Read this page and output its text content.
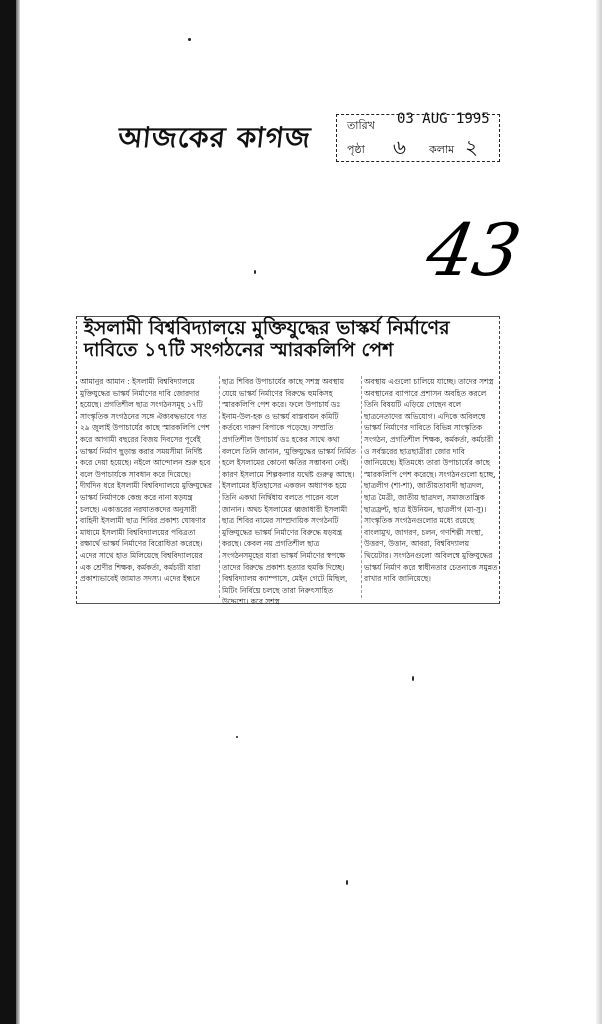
আজকের কাগজ	তারিখ 03 AUG 1995
পৃষ্ঠা ৬ কলাম ২
43
ইসলামী বিশ্ববিদ্যালয়ে মুক্তিযুদ্ধের ভাস্কর্য নির্মাণের
দাবিতে ১৭টি সংগঠনের স্মারকলিপি পেশ

আমানুর আমান : ইসলামী বিশ্ববিদ্যালয়ে মুক্তিযুদ্ধের ভাস্কর্য নির্মাণের দাবি জোরদার হয়েছে। প্রগতিশীল ছাত্র সংগঠনসমূহ ১৭টি সাংস্কৃতিক সংগঠনের সঙ্গে ঐক্যবদ্ধভাবে গত ২৯ জুলাই উপাচার্যের কাছে স্মারকলিপি পেশ করে আগামী বছরের বিজয় দিবসের পূর্বেই ভাস্কর্য নির্মাণ ছুড়ান্ত করার সময়সীমা নির্দিষ্ট করে দেয়া হয়েছে। নইলে আন্দোলন শুরু হবে বলে উপাচার্যকে সাবধান করে দিয়েছে। দীর্ঘদিন ধরে ইসলামী বিশ্ববিদ্যালয়ে মুক্তিযুদ্ধের ভাস্কর্য নির্মাণকে কেন্দ্র করে নানা ষড়যন্ত্র চলছে। একাত্তরের নরঘাতকদের অনুসারী বাহিনী ইসলামী ছাত্র শিবির প্রকাশ্য ঘোষণার মাধ্যমে ইসলামী বিশ্ববিদ্যালয়ের পবিত্রতা রক্ষার্থে ভাস্কর্য নির্মাণের বিরোধিতা করেছে। এদের সাথে হাত মিলিয়েছে বিশ্ববিদ্যালয়ের এক শ্রেণীর শিক্ষক, কর্মকর্তা, কর্মচারী যারা প্রকাশ্যভাবেই জামাত সদস্য। এদের ইন্ধনে

ছাত্র শিবির উপাচার্যের কাছে সশস্ত্র অবস্থায় যেয়ে ভাস্কর্য নির্মাণের বিরুদ্ধে হুমকিসহ স্মারকলিপি পেশ করে। ফলে উপাচার্য ডঃ ইনাম-উল-হক ও ভাস্কর্য বাস্তবায়ন কমিটি কর্তব্যে দারুণ বিপাকে পড়েছে। সম্প্রতি প্রগতিশীল উপাচার্য ডঃ হকের সাথে কথা বললে তিনি জানান, 'মুক্তিযুদ্ধের ভাস্কর্য নির্মিত হলে ইসলামের কোনো ক্ষতির সম্ভাবনা নেই। কারণ ইসলামে শিল্পকলার যথেষ্ট গুরুত্ব আছে। ইসলামের ইতিহাসের একজন অধ্যাপক হয়ে তিনি একথা নির্দ্বিধায় বলতে পারেন বলে জানান। অথচ ইসলামের ধ্বজাধারী ইসলামী ছাত্র শিবির নামের সাম্প্রদায়িক সংগঠনটি মুক্তিযুদ্ধের ভাস্কর্য নির্মাণের বিরুদ্ধে ষড়যন্ত্র করছে। কেবল নয় প্রগতিশীল ছাত্র সংগঠনসমূহের যারা ভাস্কর্য নির্মাণের স্বপক্ষে তাদের বিরুদ্ধে প্রকাশ্য হত্যার হুমকি দিচ্ছে। বিশ্ববিদ্যালয় ক্যাম্পাসে, মেইন গেটে মিছিল, মিটিং নির্বিঘ্নে চলছে তারা নিরুৎসাহিত উদ্দেশ্যে। করে সশস্ত্র

অবস্থায় এগুলো চালিয়ে যাচ্ছে। তাদের সশস্ত্র অবস্থানের ব্যাপারে প্রশাসন অবহিত করলে তিনি বিষয়টি এড়িয়ে গেছেন বলে ছাত্রনেতাদের অভিযোগ। এদিকে অবিলম্বে ভাস্কর্য নির্মাণের দাবিতে বিভিন্ন সাংস্কৃতিক সংগঠন, প্রগতিশীল শিক্ষক, কর্মকর্তা, কর্মচারী ও সর্বস্তরের ছাত্রছাত্রীরা জোর দাবি জানিয়েছে। ইতিমধ্যে তারা উপাচার্যের কাছে স্মারকলিপি পেশ করেছে। সংগঠনগুলো হচ্ছে, ছাত্রলীগ (শা-শা), জাতীয়তাবাদী ছাত্রদল, ছাত্র মৈত্রী, জাতীয় ছাত্রদল, সমাজতান্ত্রিক ছাত্রফ্রন্ট, ছাত্র ইউনিয়ন, ছাত্রলীগ (মা-সু)। সাংস্কৃতিক সংগঠনগুলোর মধ্যে রয়েছে বাংলামুখ, জাগরণ, চলন, গণশিল্পী সংস্থা, উত্তরণ, উত্তান, আবরা, বিশ্ববিদ্যালয় থিয়েটার। সংগঠনগুলো অবিলম্বে মুক্তিযুদ্ধের ভাস্কর্য নির্মাণ করে স্বাধীনতার চেতনাকে সমুন্নত রাখার দাবি জানিয়েছে।
